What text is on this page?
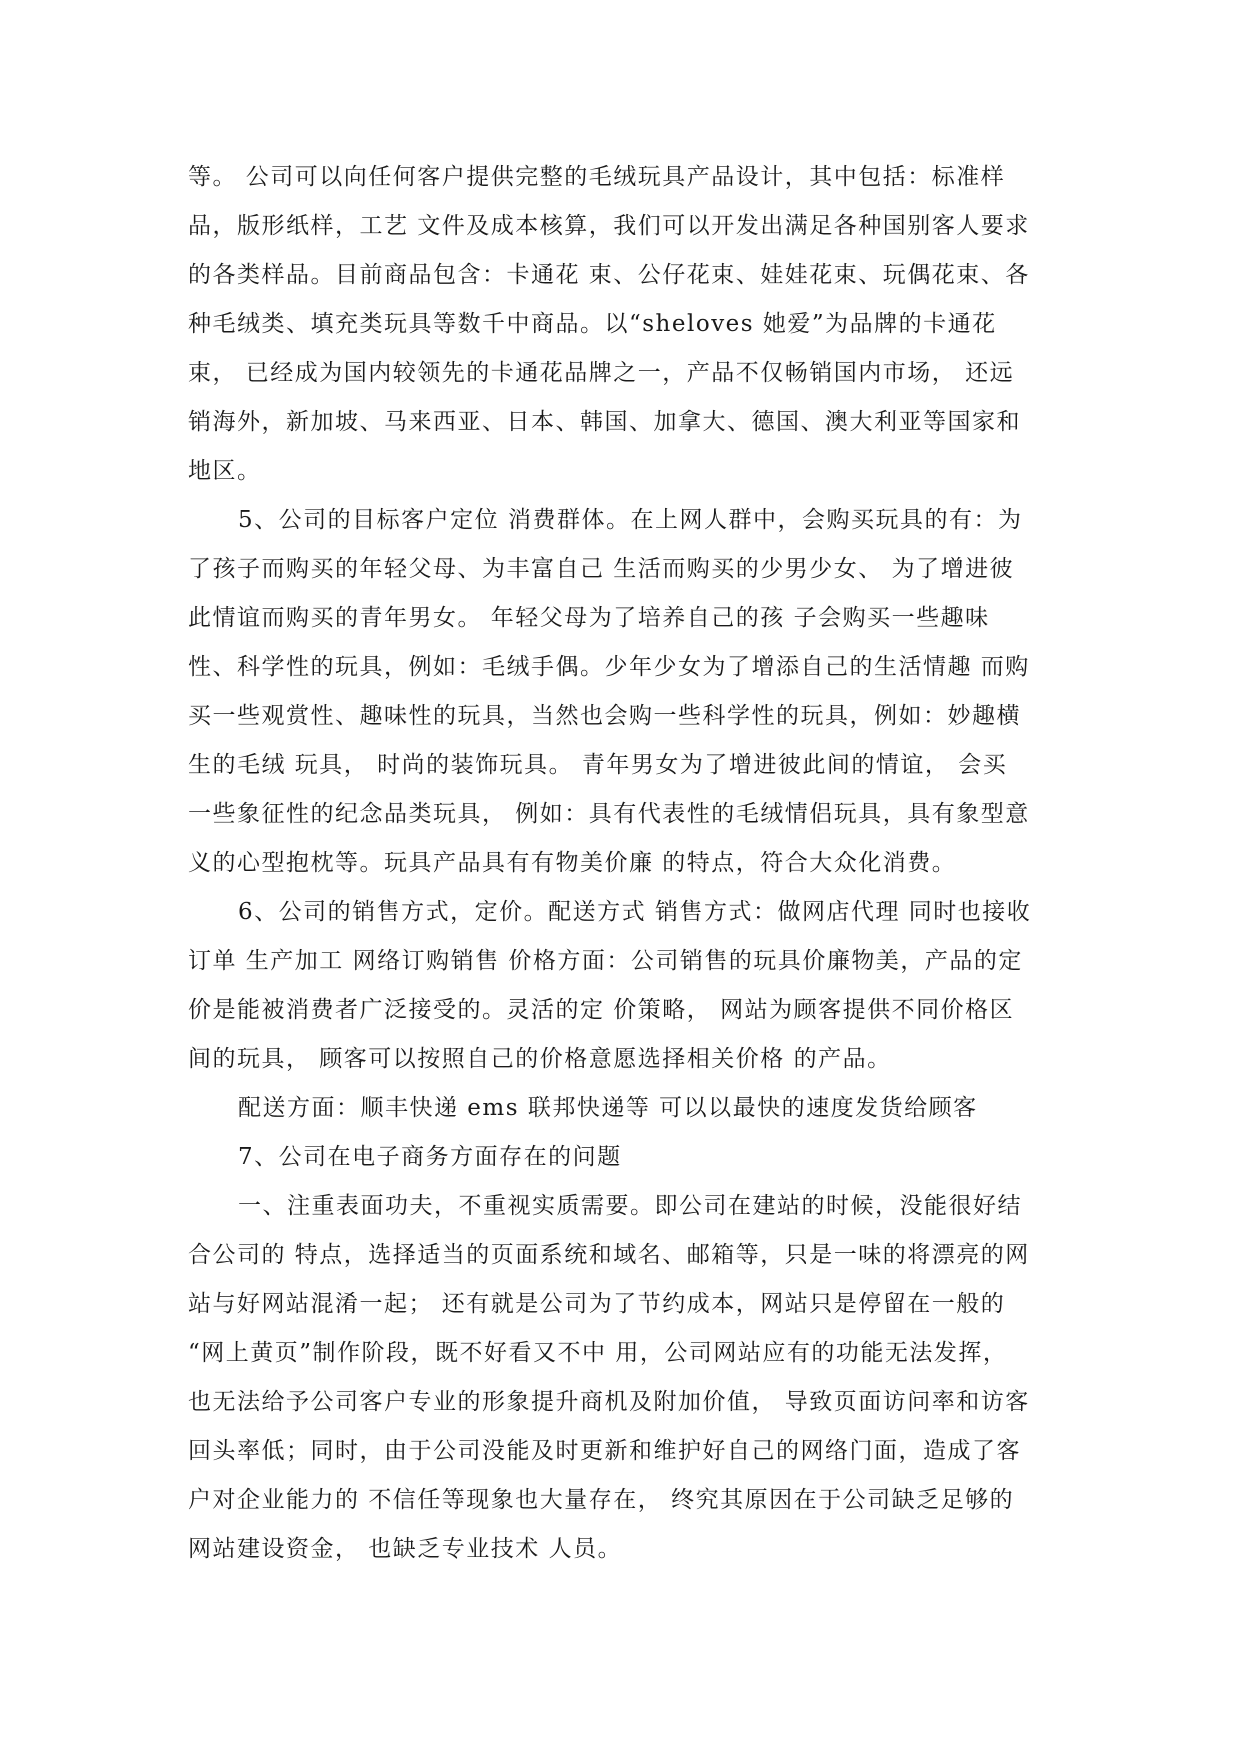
等。 公司可以向任何客户提供完整的毛绒玩具产品设计，其中包括：标准样
品，版形纸样，工艺 文件及成本核算，我们可以开发出满足各种国别客人要求
的各类样品。目前商品包含：卡通花 束、公仔花束、娃娃花束、玩偶花束、各
种毛绒类、填充类玩具等数千中商品。以“sheloves 她爱”为品牌的卡通花
束， 已经成为国内较领先的卡通花品牌之一，产品不仅畅销国内市场， 还远
销海外，新加坡、马来西亚、日本、韩国、加拿大、德国、澳大利亚等国家和
地区。
5、公司的目标客户定位 消费群体。在上网人群中，会购买玩具的有：为
了孩子而购买的年轻父母、为丰富自己 生活而购买的少男少女、 为了增进彼
此情谊而购买的青年男女。 年轻父母为了培养自己的孩 子会购买一些趣味
性、科学性的玩具，例如：毛绒手偶。少年少女为了增添自己的生活情趣 而购
买一些观赏性、趣味性的玩具，当然也会购一些科学性的玩具，例如：妙趣横
生的毛绒 玩具， 时尚的装饰玩具。 青年男女为了增进彼此间的情谊， 会买
一些象征性的纪念品类玩具， 例如：具有代表性的毛绒情侣玩具，具有象型意
义的心型抱枕等。玩具产品具有有物美价廉 的特点，符合大众化消费。
6、公司的销售方式，定价。配送方式 销售方式：做网店代理 同时也接收
订单 生产加工 网络订购销售 价格方面：公司销售的玩具价廉物美，产品的定
价是能被消费者广泛接受的。灵活的定 价策略， 网站为顾客提供不同价格区
间的玩具， 顾客可以按照自己的价格意愿选择相关价格 的产品。
配送方面：顺丰快递 ems 联邦快递等 可以以最快的速度发货给顾客
7、公司在电子商务方面存在的问题
一、注重表面功夫，不重视实质需要。即公司在建站的时候，没能很好结
合公司的 特点，选择适当的页面系统和域名、邮箱等，只是一味的将漂亮的网
站与好网站混淆一起； 还有就是公司为了节约成本，网站只是停留在一般的
“网上黄页”制作阶段，既不好看又不中 用，公司网站应有的功能无法发挥，
也无法给予公司客户专业的形象提升商机及附加价值， 导致页面访问率和访客
回头率低；同时，由于公司没能及时更新和维护好自己的网络门面，造成了客
户对企业能力的 不信任等现象也大量存在， 终究其原因在于公司缺乏足够的
网站建设资金， 也缺乏专业技术 人员。
